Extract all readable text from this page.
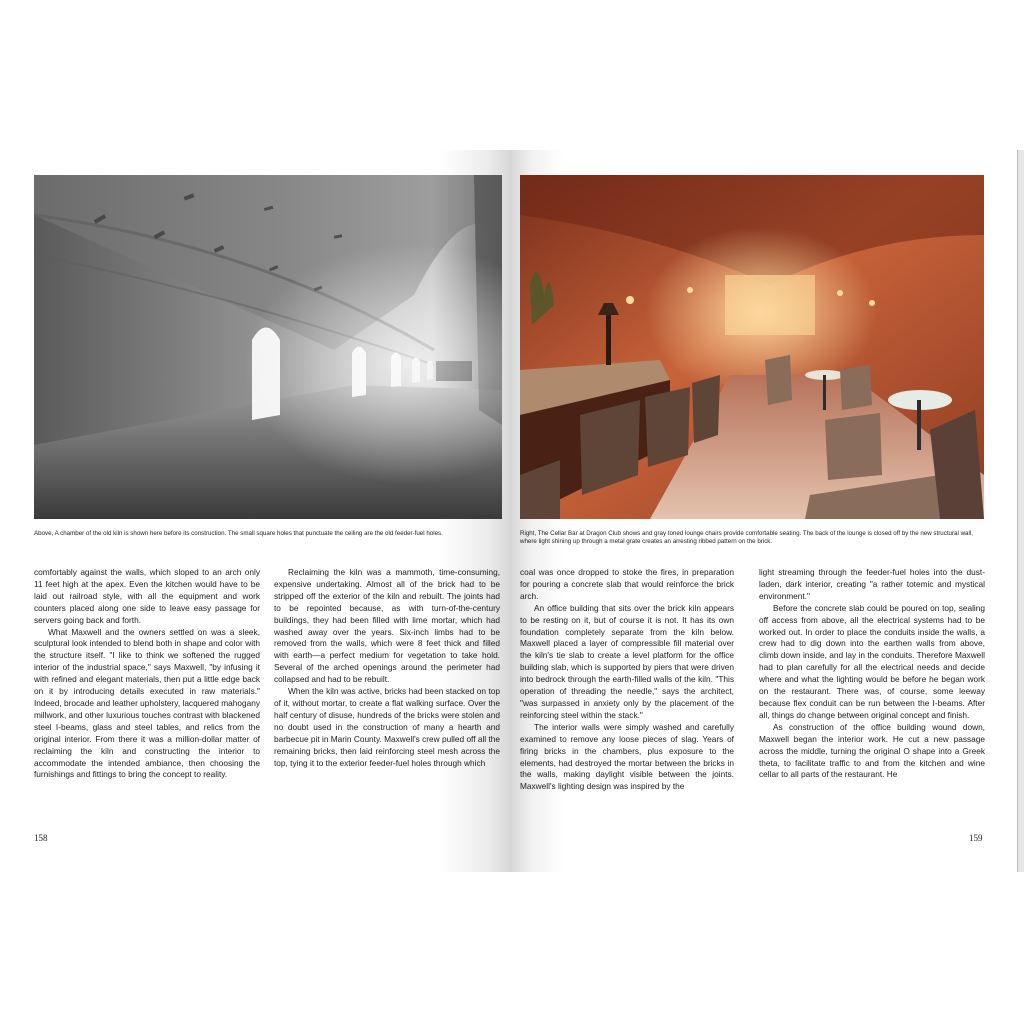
Above, A chamber of the old kiln is shown here before its construction. The small square holes that punctuate the ceiling are the old feeder-fuel holes.

comfortably against the walls, which sloped to an arch only 11 feet high at the apex. Even the kitchen would have to be laid out railroad style, with all the equipment and work counters placed along one side to leave easy passage for servers going back and forth.

What Maxwell and the owners settled on was a sleek, sculptural look intended to blend both in shape and color with the structure itself. "I like to think we softened the rugged interior of the industrial space," says Maxwell, "by infusing it with refined and elegant materials, then put a little edge back on it by introducing details executed in raw materials." Indeed, brocade and leather upholstery, lacquered mahogany millwork, and other luxurious touches contrast with blackened steel I-beams, glass and steel tables, and relics from the original interior. From there it was a million-dollar matter of reclaiming the kiln and constructing the interior to accommodate the intended ambiance, then choosing the furnishings and fittings to bring the concept to reality.

Reclaiming the kiln was a mammoth, time-consuming, expensive undertaking. Almost all of the brick had to be stripped off the exterior of the kiln and rebuilt. The joints had to be repointed because, as with turn-of-the-century buildings, they had been filled with lime mortar, which had washed away over the years. Six-inch limbs had to be removed from the walls, which were 8 feet thick and filled with earth—a perfect medium for vegetation to take hold. Several of the arched openings around the perimeter had collapsed and had to be rebuilt.

When the kiln was active, bricks had been stacked on top of it, without mortar, to create a flat walking surface. Over the half century of disuse, hundreds of the bricks were stolen and no doubt used in the construction of many a hearth and barbecue pit in Marin County. Maxwell's crew pulled off all the remaining bricks, then laid reinforcing steel mesh across the top, tying it to the exterior feeder-fuel holes through which

158
Right, The Cellar Bar at Dragon Club shows and gray toned lounge chairs provide comfortable seating. The back of the lounge is closed off by the new structural wall, where light shining up through a metal grate creates an arresting ribbed pattern on the brick.

coal was once dropped to stoke the fires, in preparation for pouring a concrete slab that would reinforce the brick arch.

An office building that sits over the brick kiln appears to be resting on it, but of course it is not. It has its own foundation completely separate from the kiln below. Maxwell placed a layer of compressible fill material over the kiln's tie slab to create a level platform for the office building slab, which is supported by piers that were driven into bedrock through the earth-filled walls of the kiln. "This operation of threading the needle," says the architect, "was surpassed in anxiety only by the placement of the reinforcing steel within the stack."

The interior walls were simply washed and carefully examined to remove any loose pieces of slag. Years of firing bricks in the chambers, plus exposure to the elements, had destroyed the mortar between the bricks in the walls, making daylight visible between the joints. Maxwell's lighting design was inspired by the

light streaming through the feeder-fuel holes into the dust-laden, dark interior, creating "a rather totemic and mystical environment."

Before the concrete slab could be poured on top, sealing off access from above, all the electrical systems had to be worked out. In order to place the conduits inside the walls, a crew had to dig down into the earthen walls from above, climb down inside, and lay in the conduits. Therefore Maxwell had to plan carefully for all the electrical needs and decide where and what the lighting would be before he began work on the restaurant. There was, of course, some leeway because flex conduit can be run between the I-beams. After all, things do change between original concept and finish.

As construction of the office building wound down, Maxwell began the interior work. He cut a new passage across the middle, turning the original O shape into a Greek theta, to facilitate traffic to and from the kitchen and wine cellar to all parts of the restaurant. He

159
